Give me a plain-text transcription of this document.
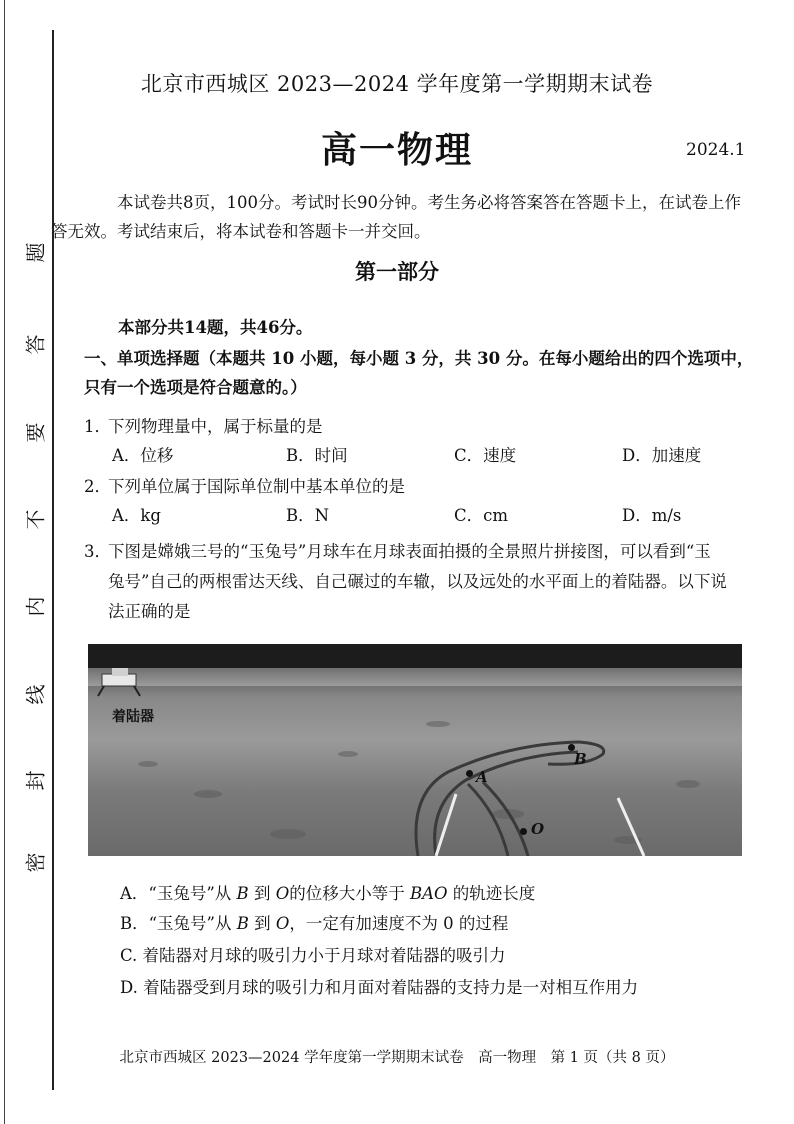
题
答
要
不
内
线
封
密
北京市西城区 2023—2024 学年度第一学期期末试卷
高一物理	2024.1
本试卷共8页，100分。考试时长90分钟。考生务必将答案答在答题卡上，在试卷上作
答无效。考试结束后，将本试卷和答题卡一并交回。
第一部分
本部分共14题，共46分。
一、单项选择题（本题共 10 小题，每小题 3 分，共 30 分。在每小题给出的四个选项中，
只有一个选项是符合题意的。）
1．下列物理量中，属于标量的是
A．位移	B．时间	C．速度	D．加速度
2．下列单位属于国际单位制中基本单位的是
A．kg	B．N	C．cm	D．m/s
3．下图是嫦娥三号的“玉兔号”月球车在月球表面拍摄的全景照片拼接图，可以看到“玉
兔号”自己的两根雷达天线、自己碾过的车辙，以及远处的水平面上的着陆器。以下说
法正确的是
着陆器
A
B
O
A．“玉兔号”从 B 到 O的位移大小等于 BAO 的轨迹长度
B．“玉兔号”从 B 到 O，一定有加速度不为 0 的过程
C. 着陆器对月球的吸引力小于月球对着陆器的吸引力
D. 着陆器受到月球的吸引力和月面对着陆器的支持力是一对相互作用力
北京市西城区 2023—2024 学年度第一学期期末试卷　高一物理　第 1 页（共 8 页）
